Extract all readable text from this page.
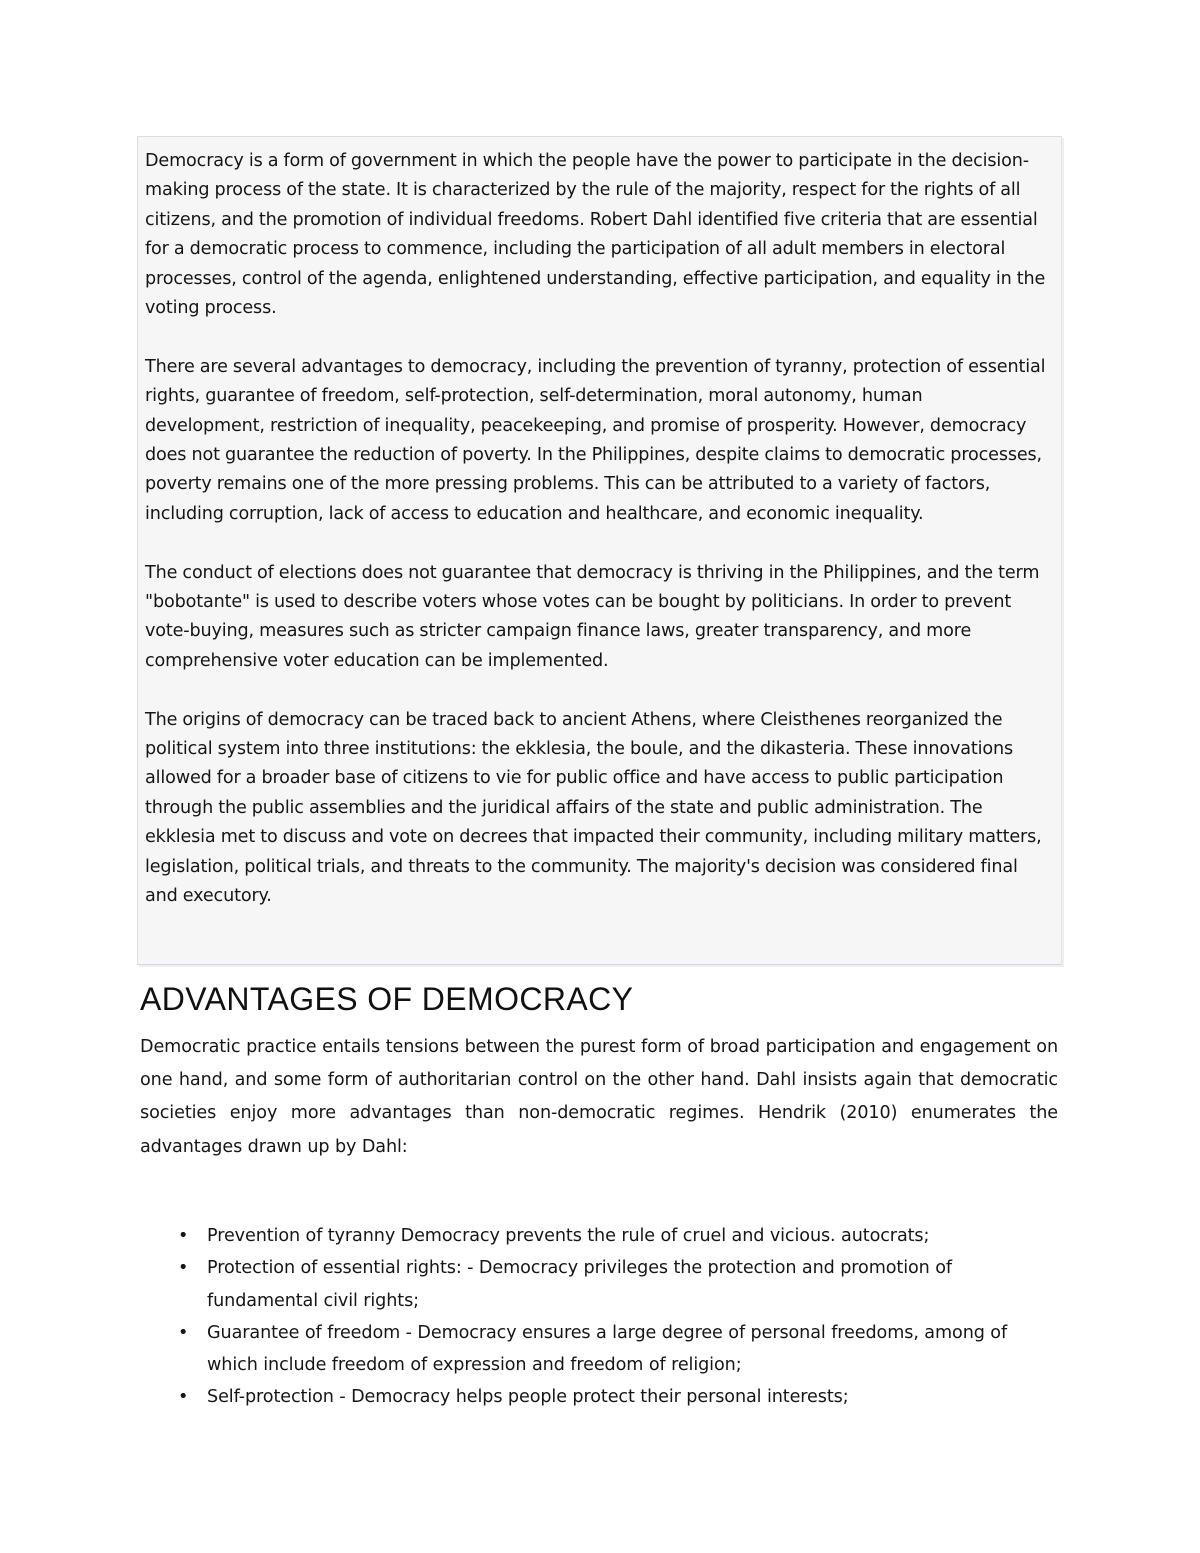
Democracy is a form of government in which the people have the power to participate in the decision-making process of the state. It is characterized by the rule of the majority, respect for the rights of all citizens, and the promotion of individual freedoms. Robert Dahl identified five criteria that are essential for a democratic process to commence, including the participation of all adult members in electoral processes, control of the agenda, enlightened understanding, effective participation, and equality in the voting process.

There are several advantages to democracy, including the prevention of tyranny, protection of essential rights, guarantee of freedom, self-protection, self-determination, moral autonomy, human development, restriction of inequality, peacekeeping, and promise of prosperity. However, democracy does not guarantee the reduction of poverty. In the Philippines, despite claims to democratic processes, poverty remains one of the more pressing problems. This can be attributed to a variety of factors, including corruption, lack of access to education and healthcare, and economic inequality.

The conduct of elections does not guarantee that democracy is thriving in the Philippines, and the term "bobotante" is used to describe voters whose votes can be bought by politicians. In order to prevent vote-buying, measures such as stricter campaign finance laws, greater transparency, and more comprehensive voter education can be implemented.

The origins of democracy can be traced back to ancient Athens, where Cleisthenes reorganized the political system into three institutions: the ekklesia, the boule, and the dikasteria. These innovations allowed for a broader base of citizens to vie for public office and have access to public participation through the public assemblies and the juridical affairs of the state and public administration. The ekklesia met to discuss and vote on decrees that impacted their community, including military matters, legislation, political trials, and threats to the community. The majority's decision was considered final and executory.

ADVANTAGES OF DEMOCRACY

Democratic practice entails tensions between the purest form of broad participation and engagement on one hand, and some form of authoritarian control on the other hand. Dahl insists again that democratic societies enjoy more advantages than non-democratic regimes. Hendrik (2010) enumerates the advantages drawn up by Dahl:

• Prevention of tyranny Democracy prevents the rule of cruel and vicious. autocrats;
• Protection of essential rights: - Democracy privileges the protection and promotion of fundamental civil rights;
• Guarantee of freedom - Democracy ensures a large degree of personal freedoms, among of which include freedom of expression and freedom of religion;
• Self-protection - Democracy helps people protect their personal interests;
